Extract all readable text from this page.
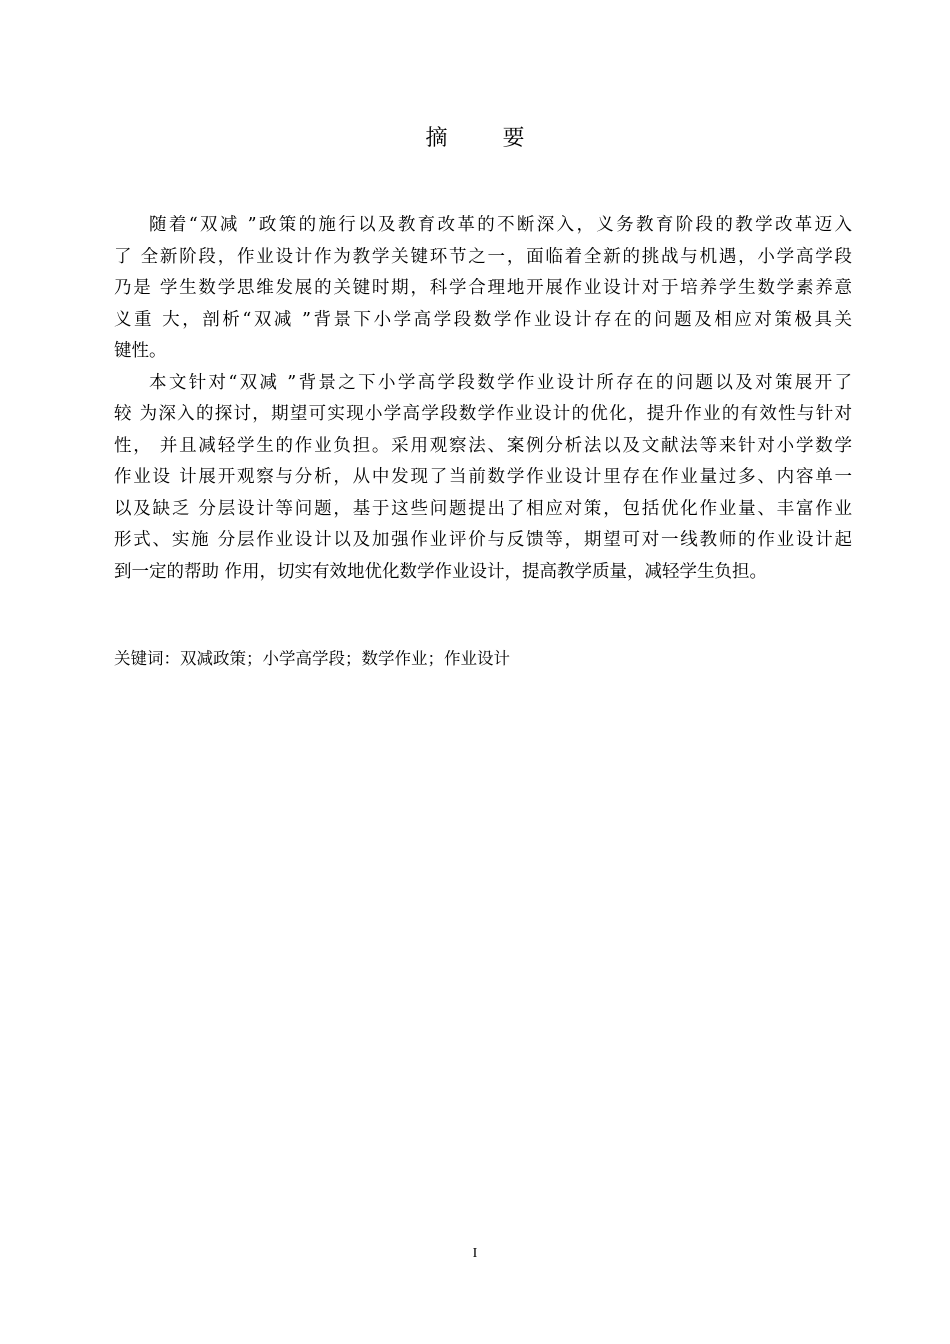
摘 要
随着“双减 ”政策的施行以及教育改革的不断深入，义务教育阶段的教学改革迈入
了 全新阶段，作业设计作为教学关键环节之一，面临着全新的挑战与机遇，小学高学段
乃是 学生数学思维发展的关键时期，科学合理地开展作业设计对于培养学生数学素养意
义重 大，剖析“双减 ”背景下小学高学段数学作业设计存在的问题及相应对策极具关
键性。
本文针对“双减 ”背景之下小学高学段数学作业设计所存在的问题以及对策展开了
较 为深入的探讨，期望可实现小学高学段数学作业设计的优化，提升作业的有效性与针对
性， 并且减轻学生的作业负担。采用观察法、案例分析法以及文献法等来针对小学数学
作业设 计展开观察与分析，从中发现了当前数学作业设计里存在作业量过多、内容单一
以及缺乏 分层设计等问题，基于这些问题提出了相应对策，包括优化作业量、丰富作业
形式、实施 分层作业设计以及加强作业评价与反馈等，期望可对一线教师的作业设计起
到一定的帮助 作用，切实有效地优化数学作业设计，提高教学质量，减轻学生负担。
关键词：双减政策；小学高学段；数学作业；作业设计
I
